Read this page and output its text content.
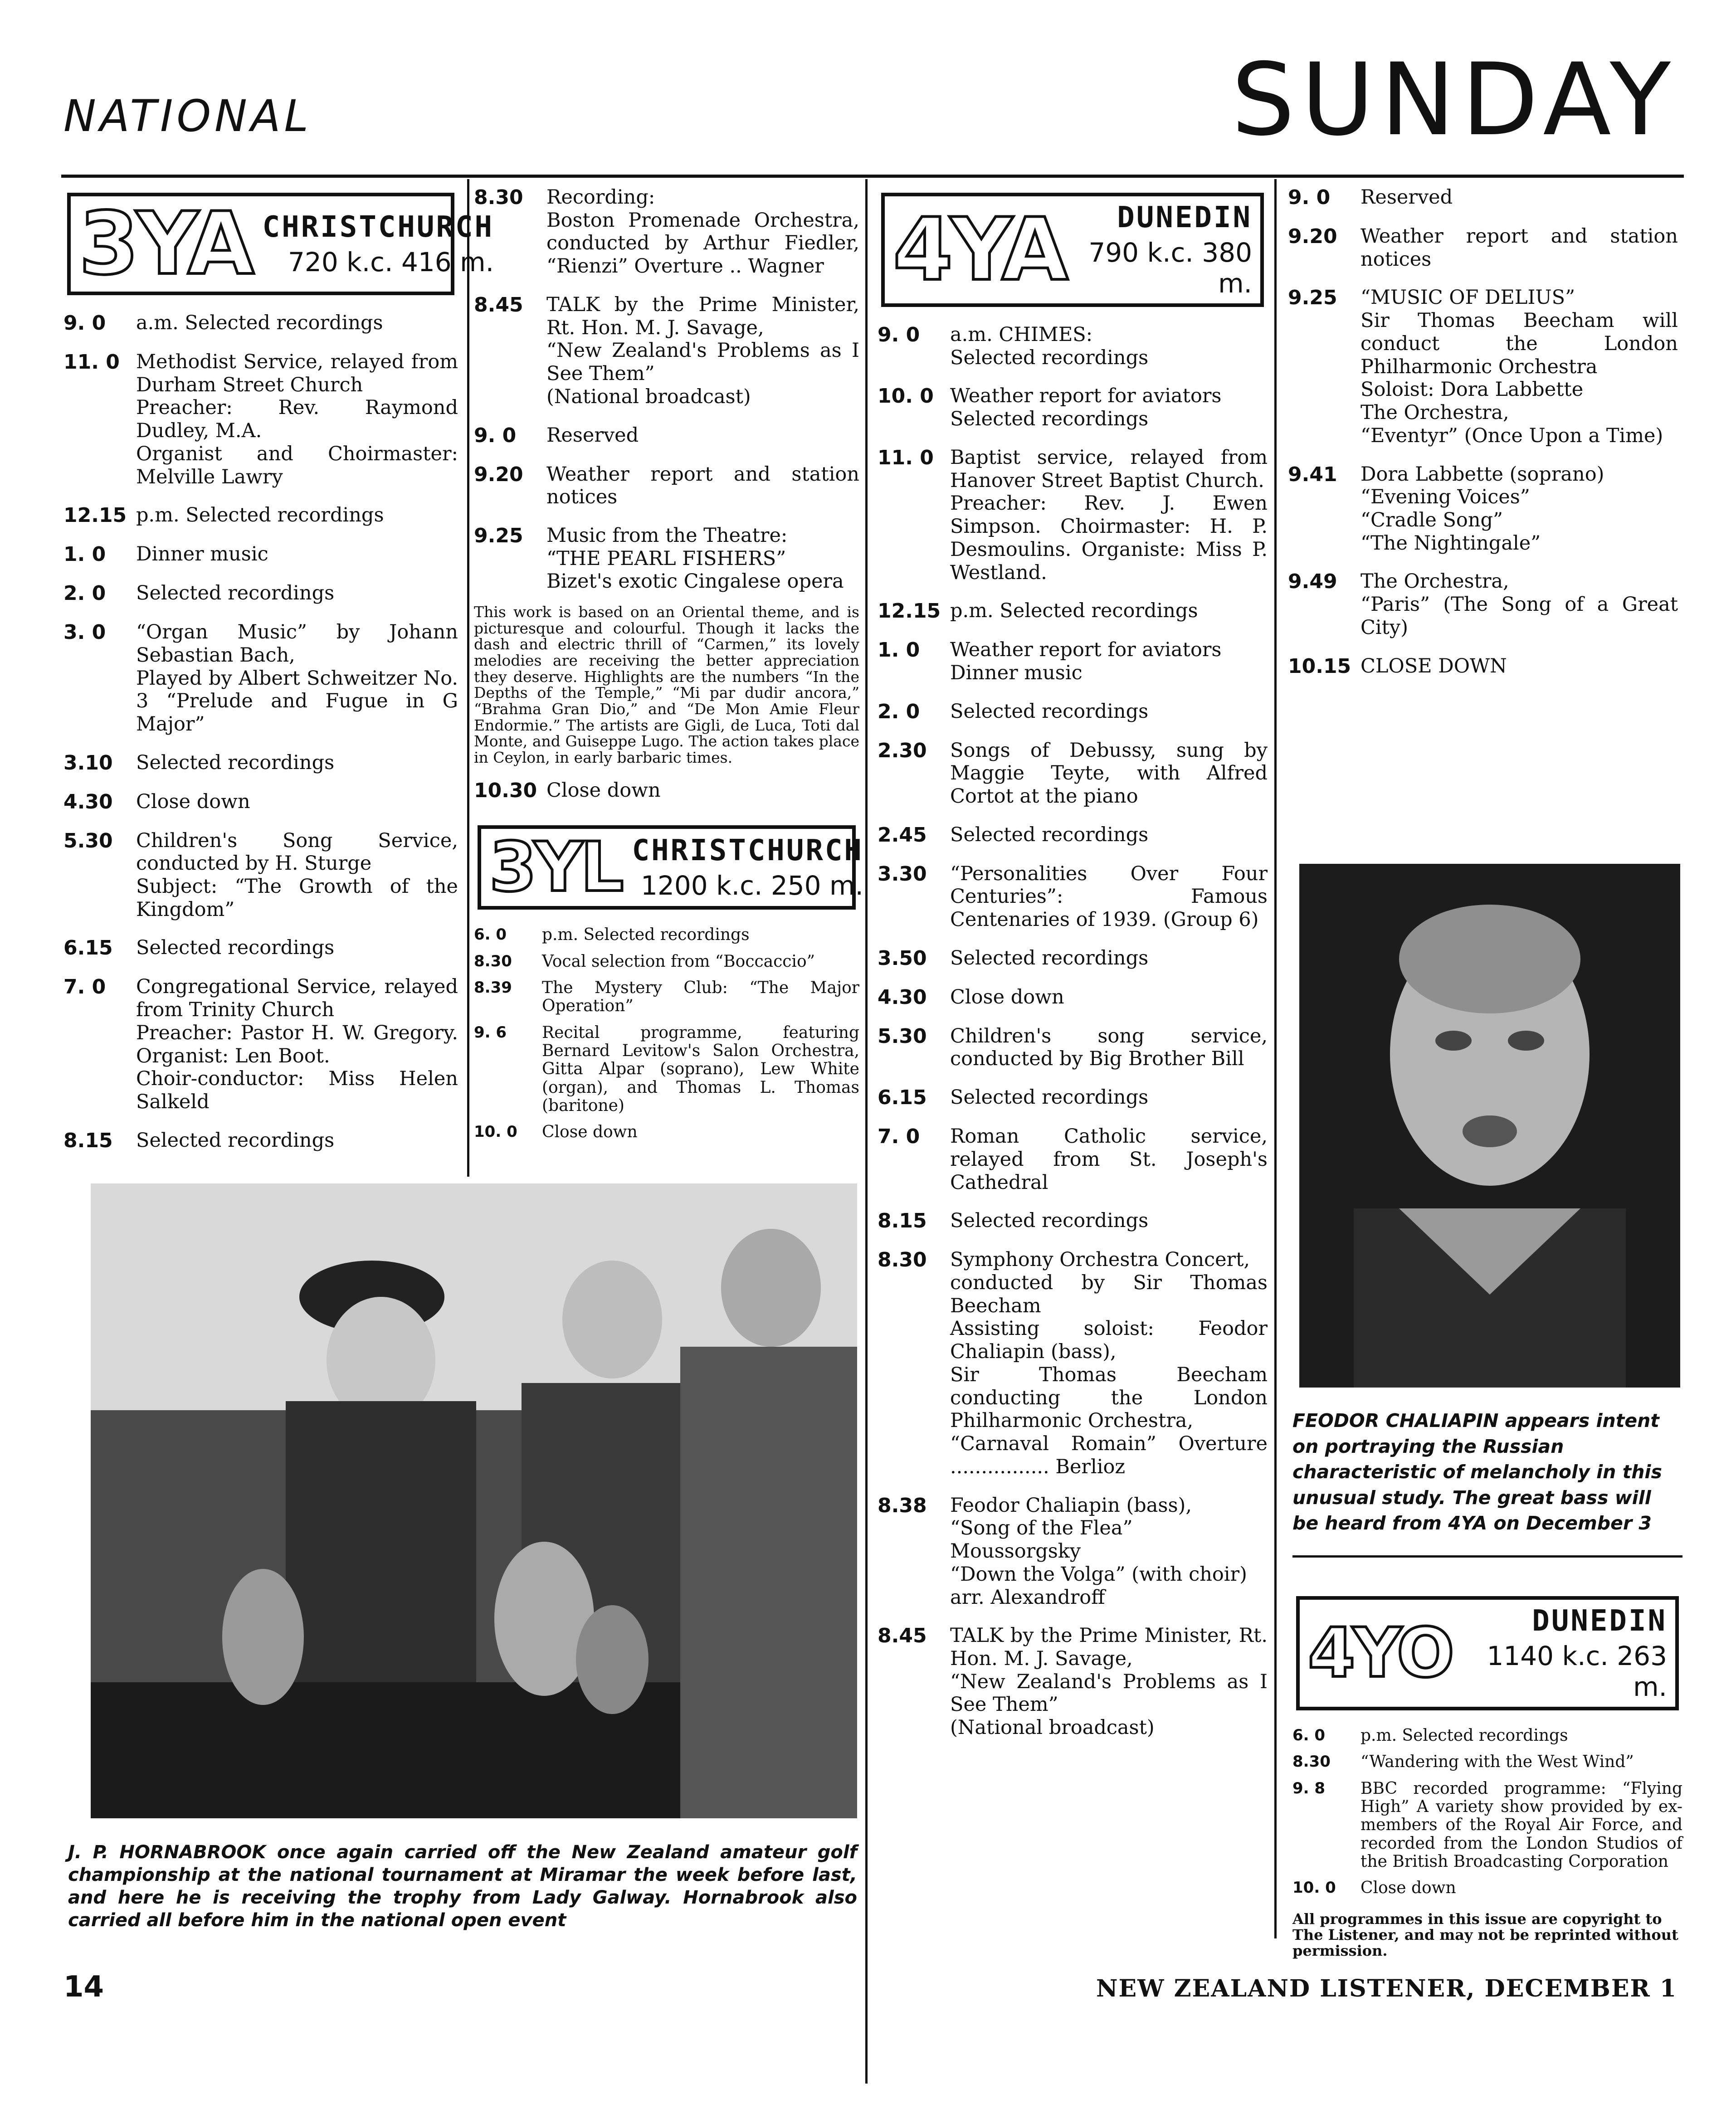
NATIONAL	SUNDAY
3YA CHRISTCHURCH
720 k.c. 416 m.
9. 0	a.m. Selected recordings
11. 0 Methodist Service, relayed from Durham Street Church
Preacher: Rev. Raymond Dudley, M.A.
Organist and Choirmaster: Melville Lawry
12.15 p.m. Selected recordings
1. 0	Dinner music
2. 0	Selected recordings
3. 0	“Organ Music” by Johann Sebastian Bach,
Played by Albert Schweitzer No. 3 “Prelude and Fugue in G Major”
3.10	Selected recordings
4.30	Close down
5.30	Children's Song Service, conducted by H. Sturge
Subject: “The Growth of the Kingdom”
6.15	Selected recordings
7. 0	Congregational Service, relayed from Trinity Church
Preacher: Pastor H. W. Gregory. Organist: Len Boot.
Choir-conductor: Miss Helen Salkeld
8.15	Selected recordings
8.30	Recording:
Boston Promenade Orchestra, conducted by Arthur Fiedler, “Rienzi” Overture .. Wagner
8.45	TALK by the Prime Minister, Rt. Hon. M. J. Savage,
“New Zealand's Problems as I See Them”
(National broadcast)
9. 0	Reserved
9.20	Weather report and station notices
9.25	Music from the Theatre:
“THE PEARL FISHERS”
Bizet's exotic Cingalese opera
This work is based on an Oriental theme, and is picturesque and colourful. Though it lacks the dash and electric thrill of “Carmen,” its lovely melodies are receiving the better appreciation they deserve. Highlights are the numbers “In the Depths of the Temple,” “Mi par dudir ancora,” “Brahma Gran Dio,” and “De Mon Amie Fleur Endormie.” The artists are Gigli, de Luca, Toti dal Monte, and Guiseppe Lugo. The action takes place in Ceylon, in early barbaric times.
10.30 Close down
3YL CHRISTCHURCH
1200 k.c. 250 m.
6. 0	p.m. Selected recordings
8.30	Vocal selection from “Boccaccio”
8.39	The Mystery Club: “The Major Operation”
9. 6	Recital programme, featuring Bernard Levitow's Salon Orchestra, Gitta Alpar (soprano), Lew White (organ), and Thomas L. Thomas (baritone)
10. 0	Close down
J. P. HORNABROOK once again carried off the New Zealand amateur golf championship at the national tournament at Miramar the week before last, and here he is receiving the trophy from Lady Galway. Hornabrook also carried all before him in the national open event
4YA	DUNEDIN
790 k.c. 380 m.
9. 0	a.m. CHIMES:
Selected recordings
10. 0 Weather report for aviators
Selected recordings
11. 0 Baptist service, relayed from Hanover Street Baptist Church.
Preacher: Rev. J. Ewen Simpson. Choirmaster: H. P. Desmoulins. Organiste: Miss P. Westland.
12.15 p.m. Selected recordings
1. 0	Weather report for aviators
Dinner music
2. 0	Selected recordings
2.30	Songs of Debussy, sung by Maggie Teyte, with Alfred Cortot at the piano
2.45	Selected recordings
3.30	“Personalities Over Four Centuries”: Famous Centenaries of 1939. (Group 6)
3.50	Selected recordings
4.30	Close down
5.30	Children's song service, conducted by Big Brother Bill
6.15	Selected recordings
7. 0	Roman Catholic service, relayed from St. Joseph's Cathedral
8.15	Selected recordings
8.30	Symphony Orchestra Concert,
conducted by Sir Thomas Beecham
Assisting soloist: Feodor Chaliapin (bass),
Sir Thomas Beecham conducting the London Philharmonic Orchestra,
“Carnaval Romain” Overture ................ Berlioz
8.38	Feodor Chaliapin (bass),
“Song of the Flea”
Moussorgsky
“Down the Volga” (with choir)
arr. Alexandroff
8.45	TALK by the Prime Minister, Rt. Hon. M. J. Savage,
“New Zealand's Problems as I See Them”
(National broadcast)
9. 0	Reserved
9.20	Weather report and station notices
9.25	“MUSIC OF DELIUS”
Sir Thomas Beecham will conduct the London Philharmonic Orchestra
Soloist: Dora Labbette
The Orchestra,
“Eventyr” (Once Upon a Time)
9.41	Dora Labbette (soprano)
“Evening Voices”
“Cradle Song”
“The Nightingale”
9.49	The Orchestra,
“Paris” (The Song of a Great City)
10.15 CLOSE DOWN
FEODOR CHALIAPIN appears intent on portraying the Russian characteristic of melancholy in this unusual study. The great bass will be heard from 4YA on December 3
4YO	DUNEDIN
1140 k.c. 263 m.
6. 0	p.m. Selected recordings
8.30	“Wandering with the West Wind”
9. 8	BBC recorded programme: “Flying High” A variety show provided by ex-members of the Royal Air Force, and recorded from the London Studios of the British Broadcasting Corporation
10. 0	Close down
All programmes in this issue are copyright to The Listener, and may not be reprinted without permission.
14	NEW ZEALAND LISTENER, DECEMBER 1
